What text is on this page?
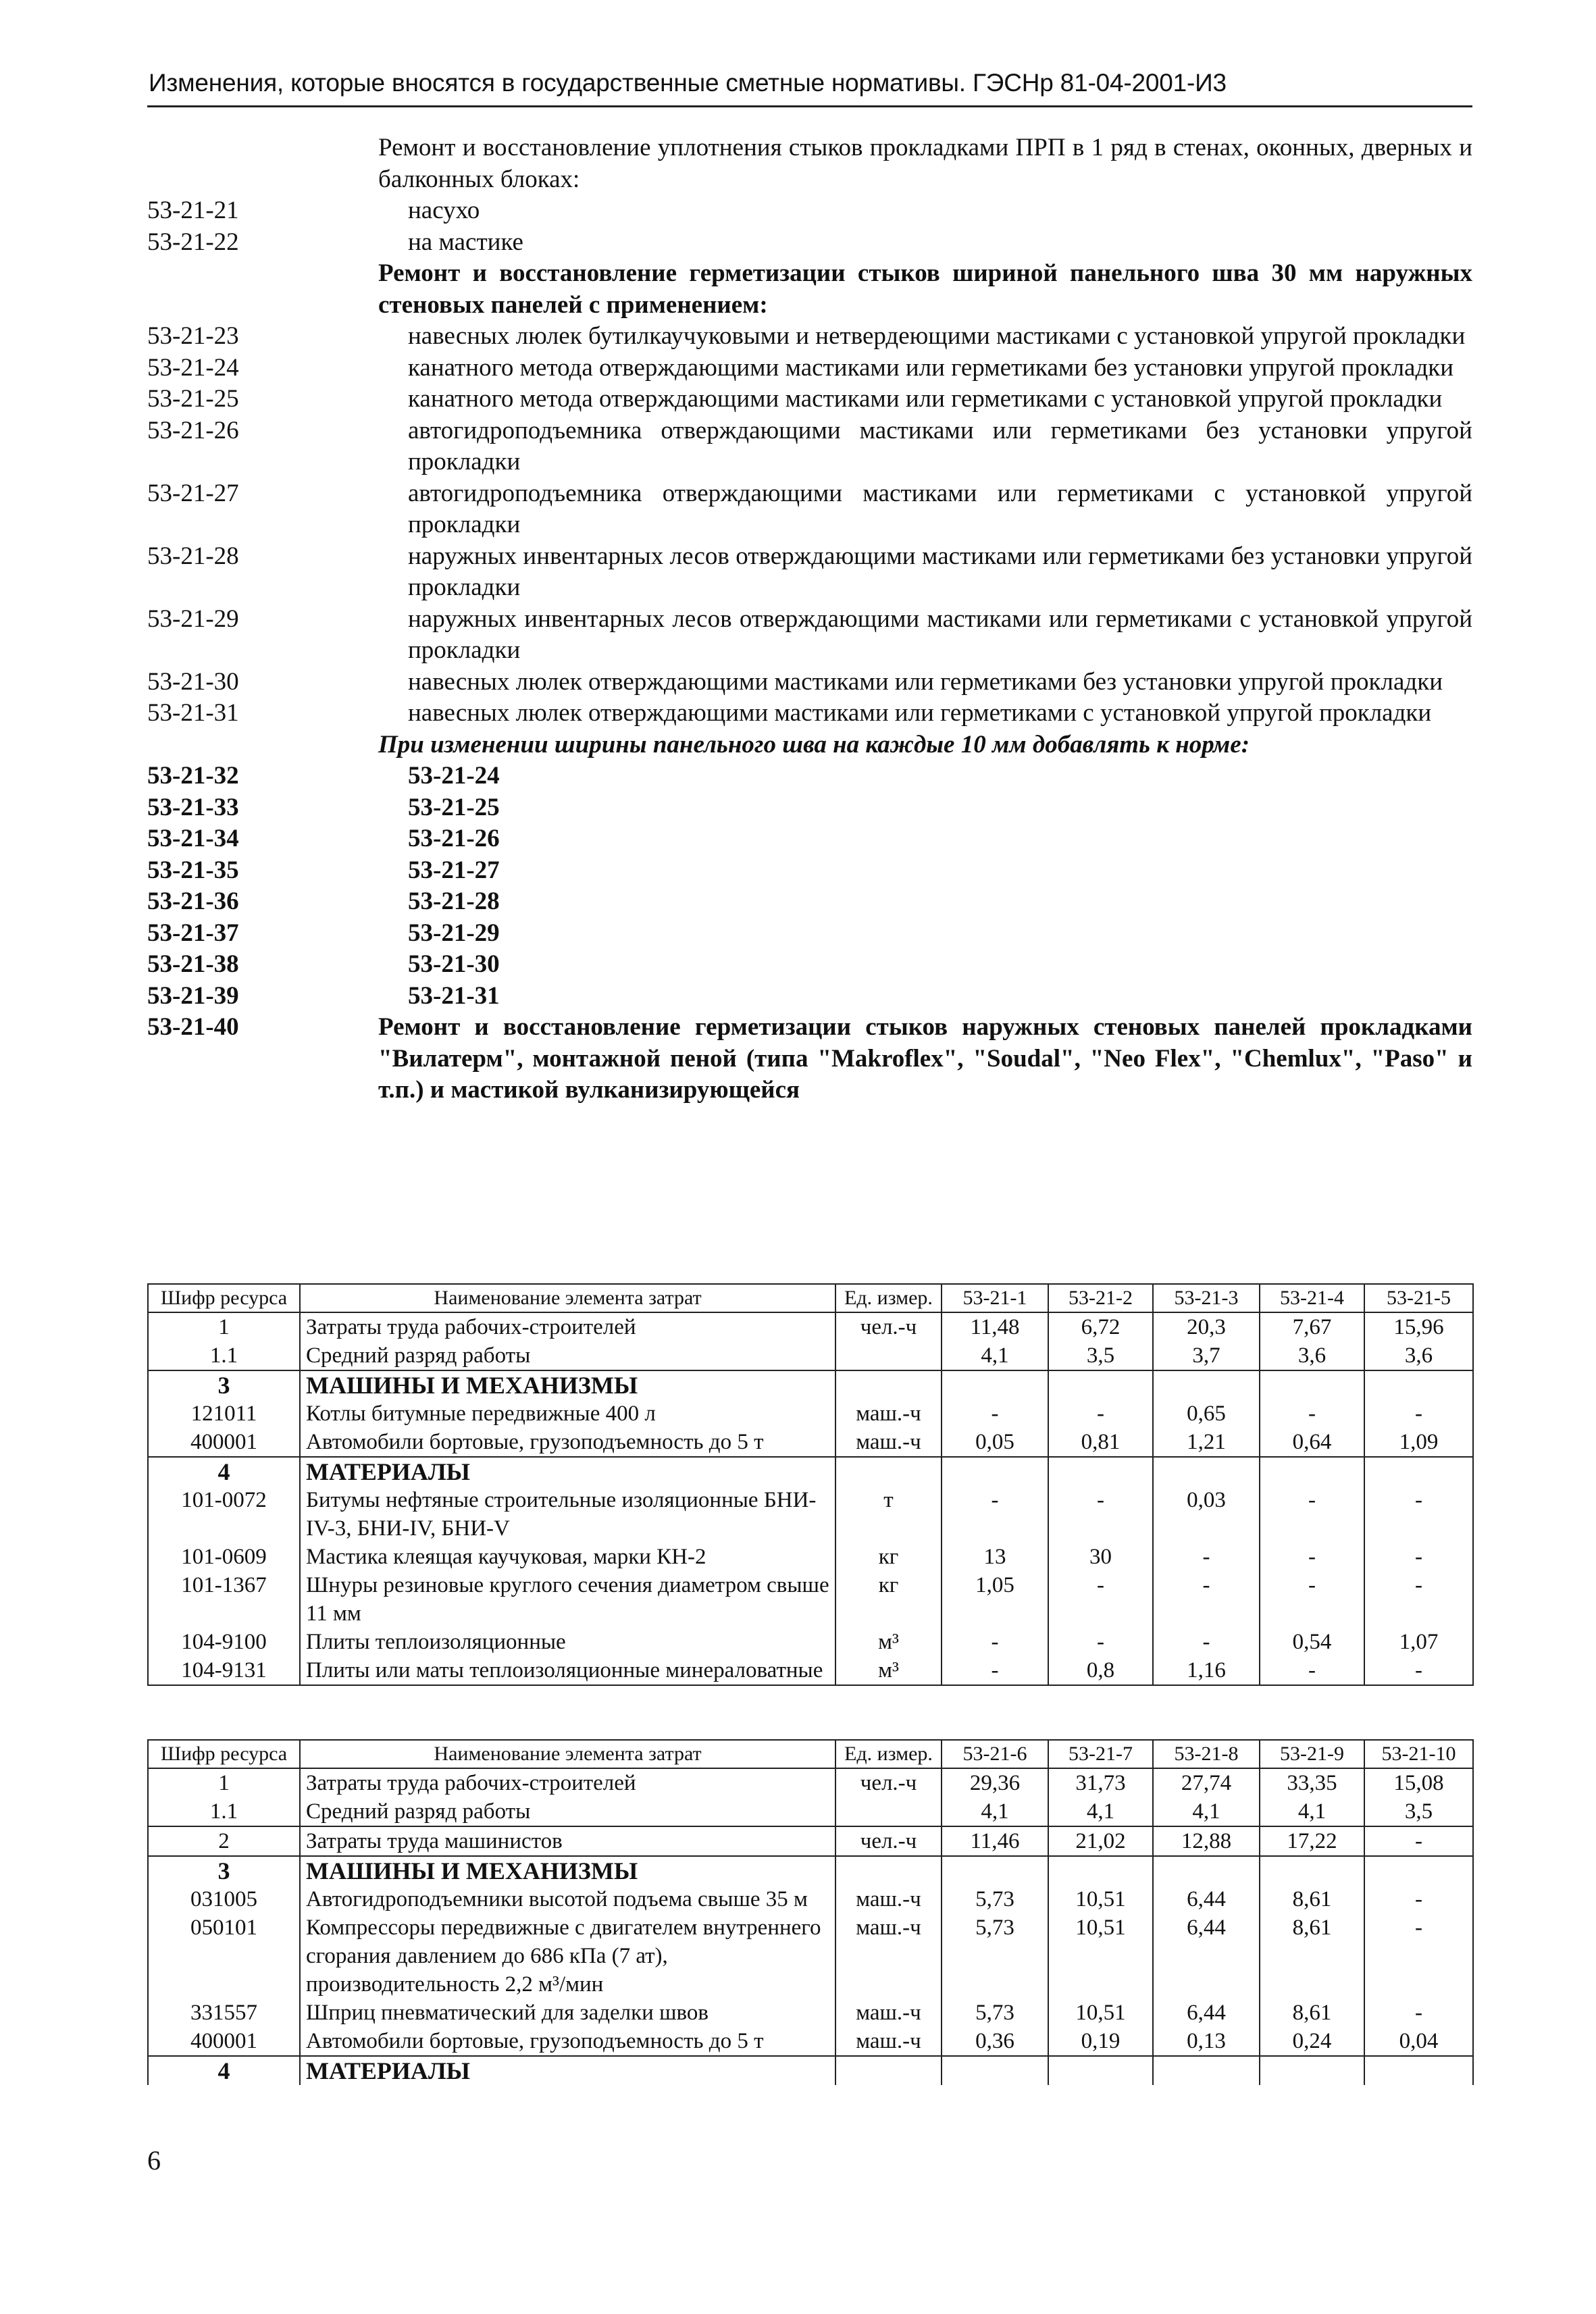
Изменения, которые вносятся в государственные сметные нормативы. ГЭСНр 81-04-2001-И3
Ремонт и восстановление уплотнения стыков прокладками ПРП в 1 ряд в стенах, оконных, дверных и балконных блоках:
53-21-21	насухо
53-21-22	на мастике
Ремонт и восстановление герметизации стыков шириной панельного шва 30 мм наружных стеновых панелей с применением:
53-21-23	навесных люлек бутилкаучуковыми и нетвердеющими мастиками с установкой упругой прокладки
53-21-24	канатного метода отверждающими мастиками или герметиками без установки упругой прокладки
53-21-25	канатного метода отверждающими мастиками или герметиками с установкой упругой прокладки
53-21-26	автогидроподъемника отверждающими мастиками или герметиками без установки упругой прокладки
53-21-27	автогидроподъемника отверждающими мастиками или герметиками с установкой упругой прокладки
53-21-28	наружных инвентарных лесов отверждающими мастиками или герметиками без установки упругой прокладки
53-21-29	наружных инвентарных лесов отверждающими мастиками или герметиками с установкой упругой прокладки
53-21-30	навесных люлек отверждающими мастиками или герметиками без установки упругой прокладки
53-21-31	навесных люлек отверждающими мастиками или герметиками с установкой упругой прокладки
При изменении ширины панельного шва на каждые 10 мм добавлять к норме:
53-21-32	53-21-24
53-21-33	53-21-25
53-21-34	53-21-26
53-21-35	53-21-27
53-21-36	53-21-28
53-21-37	53-21-29
53-21-38	53-21-30
53-21-39	53-21-31
53-21-40	Ремонт и восстановление герметизации стыков наружных стеновых панелей прокладками "Вилатерм", монтажной пеной (типа "Makroflex", "Soudal", "Neo Flex", "Chemlux", "Paso" и т.п.) и мастикой вулканизирующейся
Шифр ресурса	Наименование элемента затрат	Ед. измер.	53-21-1	53-21-2	53-21-3	53-21-4	53-21-5
1	Затраты труда рабочих-строителей	чел.-ч	11,48	6,72	20,3	7,67	15,96
1.1	Средний разряд работы		4,1	3,5	3,7	3,6	3,6
3	МАШИНЫ И МЕХАНИЗМЫ						
121011	Котлы битумные передвижные 400 л	маш.-ч	-	-	0,65	-	-
400001	Автомобили бортовые, грузоподъемность до 5 т	маш.-ч	0,05	0,81	1,21	0,64	1,09
4	МАТЕРИАЛЫ						
101-0072	Битумы нефтяные строительные изоляционные БНИ-IV-3, БНИ-IV, БНИ-V	т	-	-	0,03	-	-
101-0609	Мастика клеящая каучуковая, марки КН-2	кг	13	30	-	-	-
101-1367	Шнуры резиновые круглого сечения диаметром свыше 11 мм	кг	1,05	-	-	-	-
104-9100	Плиты теплоизоляционные	м³	-	-	-	0,54	1,07
104-9131	Плиты или маты теплоизоляционные минераловатные	м³	-	0,8	1,16	-	-
Шифр ресурса	Наименование элемента затрат	Ед. измер.	53-21-6	53-21-7	53-21-8	53-21-9	53-21-10
1	Затраты труда рабочих-строителей	чел.-ч	29,36	31,73	27,74	33,35	15,08
1.1	Средний разряд работы		4,1	4,1	4,1	4,1	3,5
2	Затраты труда машинистов	чел.-ч	11,46	21,02	12,88	17,22	-
3	МАШИНЫ И МЕХАНИЗМЫ						
031005	Автогидроподъемники высотой подъема свыше 35 м	маш.-ч	5,73	10,51	6,44	8,61	-
050101	Компрессоры передвижные с двигателем внутреннего сгорания давлением до 686 кПа (7 ат), производительность 2,2 м³/мин	маш.-ч	5,73	10,51	6,44	8,61	-
331557	Шприц пневматический для заделки швов	маш.-ч	5,73	10,51	6,44	8,61	-
400001	Автомобили бортовые, грузоподъемность до 5 т	маш.-ч	0,36	0,19	0,13	0,24	0,04
4	МАТЕРИАЛЫ						
6
